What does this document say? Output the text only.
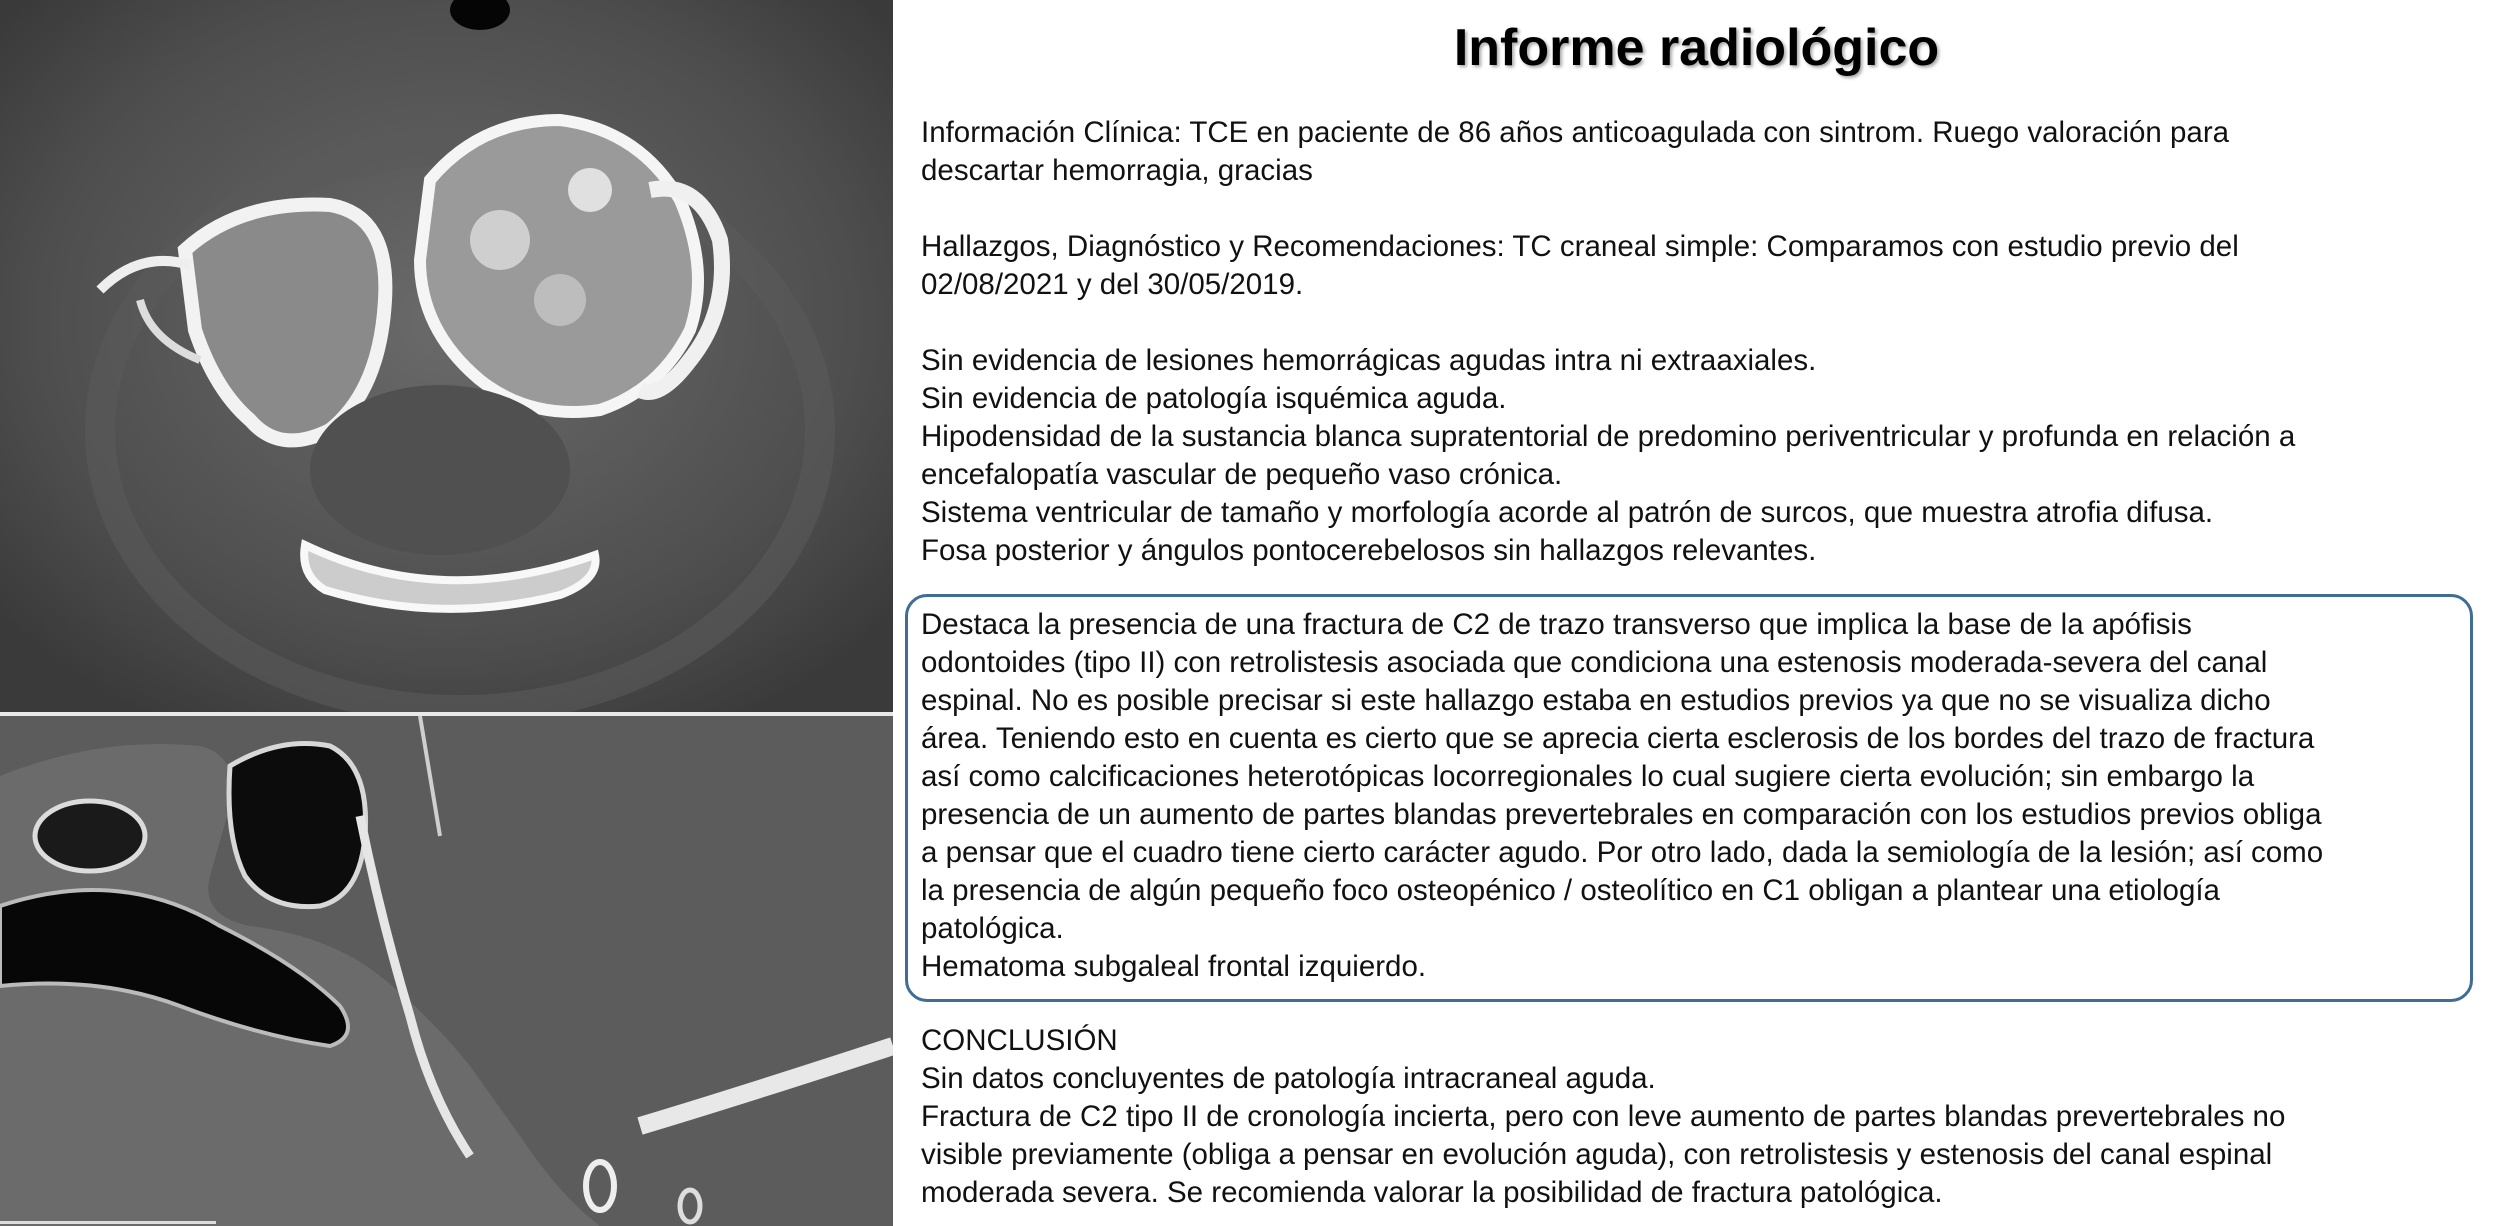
Informe radiológico
Información Clínica: TCE en paciente de 86 años anticoagulada con sintrom. Ruego valoración para
descartar hemorragia, gracias
Hallazgos, Diagnóstico y Recomendaciones: TC craneal simple: Comparamos con estudio previo del
02/08/2021 y del 30/05/2019.
Sin evidencia de lesiones hemorrágicas agudas intra ni extraaxiales.
Sin evidencia de patología isquémica aguda.
Hipodensidad de la sustancia blanca supratentorial de predomino periventricular y profunda en relación a
encefalopatía vascular de pequeño vaso crónica.
Sistema ventricular de tamaño y morfología acorde al patrón de surcos, que muestra atrofia difusa.
Fosa posterior y ángulos pontocerebelosos sin hallazgos relevantes.
Destaca la presencia de una fractura de C2 de trazo transverso que implica la base de la apófisis
odontoides (tipo II) con retrolistesis asociada que condiciona una estenosis moderada-severa del canal
espinal. No es posible precisar si este hallazgo estaba en estudios previos ya que no se visualiza dicho
área. Teniendo esto en cuenta es cierto que se aprecia cierta esclerosis de los bordes del trazo de fractura
así como calcificaciones heterotópicas locorregionales lo cual sugiere cierta evolución; sin embargo la
presencia de un aumento de partes blandas prevertebrales en comparación con los estudios previos obliga
a pensar que el cuadro tiene cierto carácter agudo. Por otro lado, dada la semiología de la lesión; así como
la presencia de algún pequeño foco osteopénico / osteolítico en C1 obligan a plantear una etiología
patológica.
Hematoma subgaleal frontal izquierdo.
CONCLUSIÓN
Sin datos concluyentes de patología intracraneal aguda.
Fractura de C2 tipo II de cronología incierta, pero con leve aumento de partes blandas prevertebrales no
visible previamente (obliga a pensar en evolución aguda), con retrolistesis y estenosis del canal espinal
moderada severa. Se recomienda valorar la posibilidad de fractura patológica.
